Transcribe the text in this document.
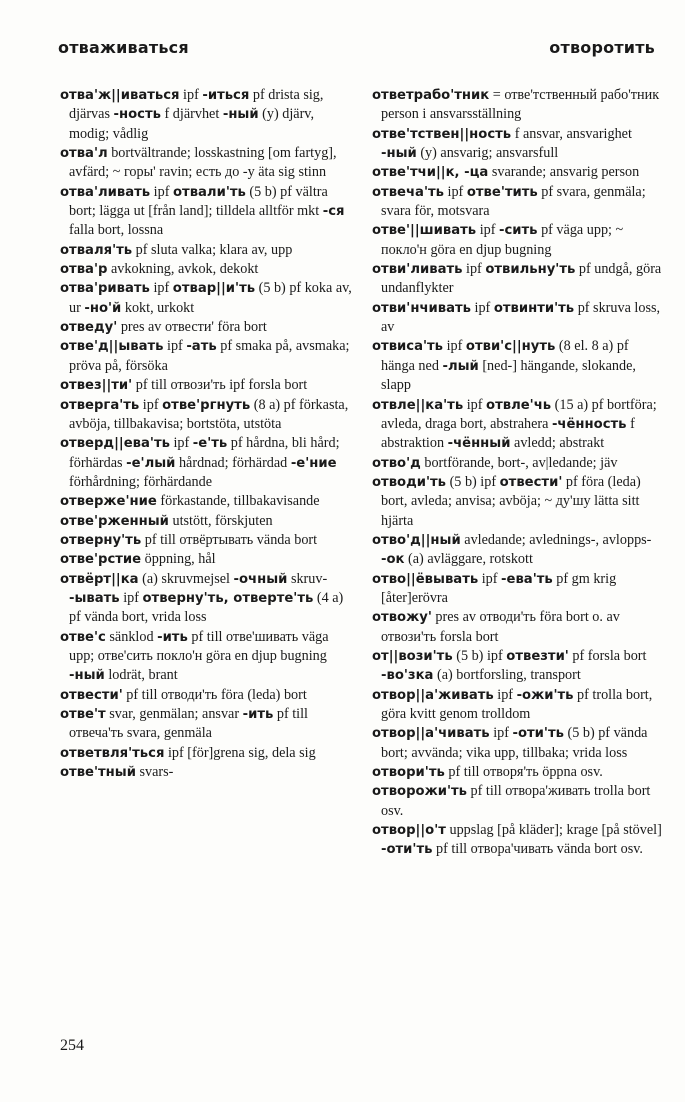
отваживаться	отворотить

отва'ж||иваться ipf -иться pf drista sig, djärvas -ность f djärvhet -ный (y) djärv, modig; vådlig

отва'л bortvältrande; losskastning [om fartyg], avfärd; ~ горы' ravin; есть до -у äta sig stinn

отва'ливать ipf отвали'ть (5 b) pf vältra bort; lägga ut [från land]; tilldela alltför mkt -ся falla bort, lossna

отваля'ть pf sluta valka; klara av, upp

отва'р avkokning, avkok, dekokt

отва'ривать ipf отвар||и'ть (5 b) pf koka av, ur -но'й kokt, urkokt

отведу' pres av отвести' föra bort

отве'д||ывать ipf -ать pf smaka på, avsmaka; pröva på, försöka

отвез||ти' pf till отвози'ть ipf forsla bort

отверга'ть ipf отве'ргнуть (8 a) pf förkasta, avböja, tillbakavisa; bortstöta, utstöta

отверд||ева'ть ipf -е'ть pf hårdna, bli hård; förhärdas -е'лый hårdnad; förhärdad -е'ние förhårdning; förhärdande

отверже'ние förkastande, tillbakavisande

отве'рженный utstött, förskjuten

отверну'ть pf till отвёртывать vända bort

отве'рстие öppning, hål

отвёрт||ка (a) skruvmejsel -очный skruv- -ывать ipf отверну'ть, отверте'ть (4 a) pf vända bort, vrida loss

отве'с sänklod -ить pf till отве'шивать väga upp; отве'сить покло'н göra en djup bugning -ный lodrät, brant

отвести' pf till отводи'ть föra (leda) bort

отве'т svar, genmälan; ansvar -ить pf till отвеча'ть svara, genmäla

ответвля'ться ipf [för]grena sig, dela sig

отве'тный svars-

ответрабо'тник = отве'тственный рабо'тник person i ansvarsställning

отве'тствен||ность f ansvar, ansvarighet -ный (y) ansvarig; ansvarsfull

отве'тчи||к, -ца svarande; ansvarig person

отвеча'ть ipf отве'тить pf svara, genmäla; svara för, motsvara

отве'||шивать ipf -сить pf väga upp; ~ покло'н göra en djup bugning

отви'ливать ipf отвильну'ть pf undgå, göra undanflykter

отви'нчивать ipf отвинти'ть pf skruva loss, av

отвиса'ть ipf отви'с||нуть (8 el. 8 a) pf hänga ned -лый [ned-] hängande, slokande, slapp

отвле||ка'ть ipf отвле'чь (15 a) pf bortföra; avleda, draga bort, abstrahera -чённость f abstraktion -чённый avledd; abstrakt

отво'д bortförande, bort-, av|ledande; jäv

отводи'ть (5 b) ipf отвести' pf föra (leda) bort, avleda; anvisa; avböja; ~ ду'шу lätta sitt hjärta

отво'д||ный avledande; avlednings-, avlopps- -ок (a) avläggare, rotskott

отво||ёвывать ipf -ева'ть pf gm krig [åter]erövra

отвожу' pres av отводи'ть föra bort o. av отвози'ть forsla bort

от||вози'ть (5 b) ipf отвезти' pf forsla bort -во'зка (a) bortforsling, transport

отвор||а'живать ipf -ожи'ть pf trolla bort, göra kvitt genom trolldom

отвор||а'чивать ipf -оти'ть (5 b) pf vända bort; avvända; vika upp, tillbaka; vrida loss

отвори'ть pf till отворя'ть öppna osv.

отворожи'ть pf till отвора'живать trolla bort osv.

отвор||о'т uppslag [på kläder]; krage [på stövel] -оти'ть pf till отвора'чивать vända bort osv.

254
